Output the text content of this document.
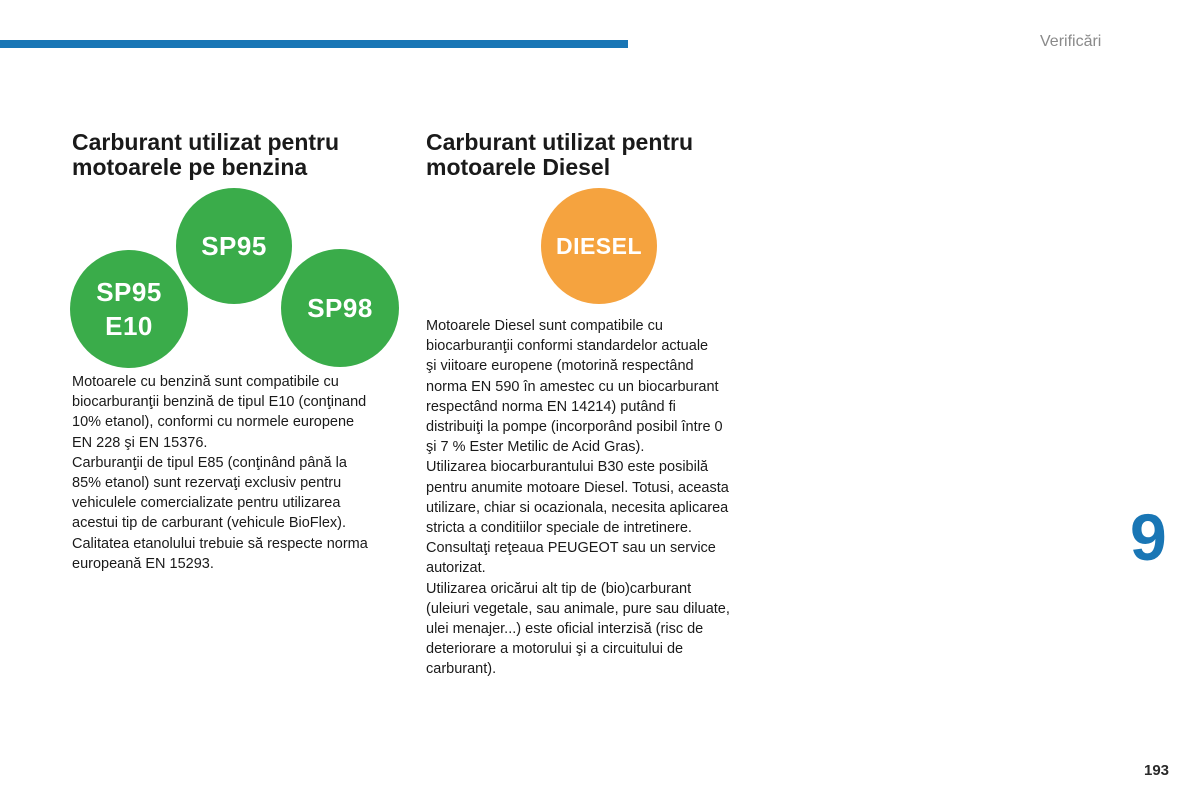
Verificări
Carburant utilizat pentru
motoarele pe benzina
SP95
SP95
E10
SP98

Motoarele cu benzină sunt compatibile cu
biocarburanţii benzină de tipul E10 (conţinand
10% etanol), conformi cu normele europene
EN 228 şi EN 15376.
Carburanţii de tipul E85 (conţinând până la
85% etanol) sunt rezervaţi exclusiv pentru
vehiculele comercializate pentru utilizarea
acestui tip de carburant (vehicule BioFlex).
Calitatea etanolului trebuie să respecte norma
europeană EN 15293.

Carburant utilizat pentru
motoarele Diesel
DIESEL

Motoarele Diesel sunt compatibile cu
biocarburanţii conformi standardelor actuale
şi viitoare europene (motorină respectând
norma EN 590 în amestec cu un biocarburant
respectând norma EN 14214) putând fi
distribuiţi la pompe (incorporând posibil între 0
şi 7 % Ester Metilic de Acid Gras).
Utilizarea biocarburantului B30 este posibilă
pentru anumite motoare Diesel. Totusi, aceasta
utilizare, chiar si ocazionala, necesita aplicarea
stricta a conditiilor speciale de intretinere.
Consultaţi reţeaua PEUGEOT sau un service
autorizat.
Utilizarea oricărui alt tip de (bio)carburant
(uleiuri vegetale, sau animale, pure sau diluate,
ulei menajer...) este oficial interzisă (risc de
deteriorare a motorului şi a circuitului de
carburant).

9
193
